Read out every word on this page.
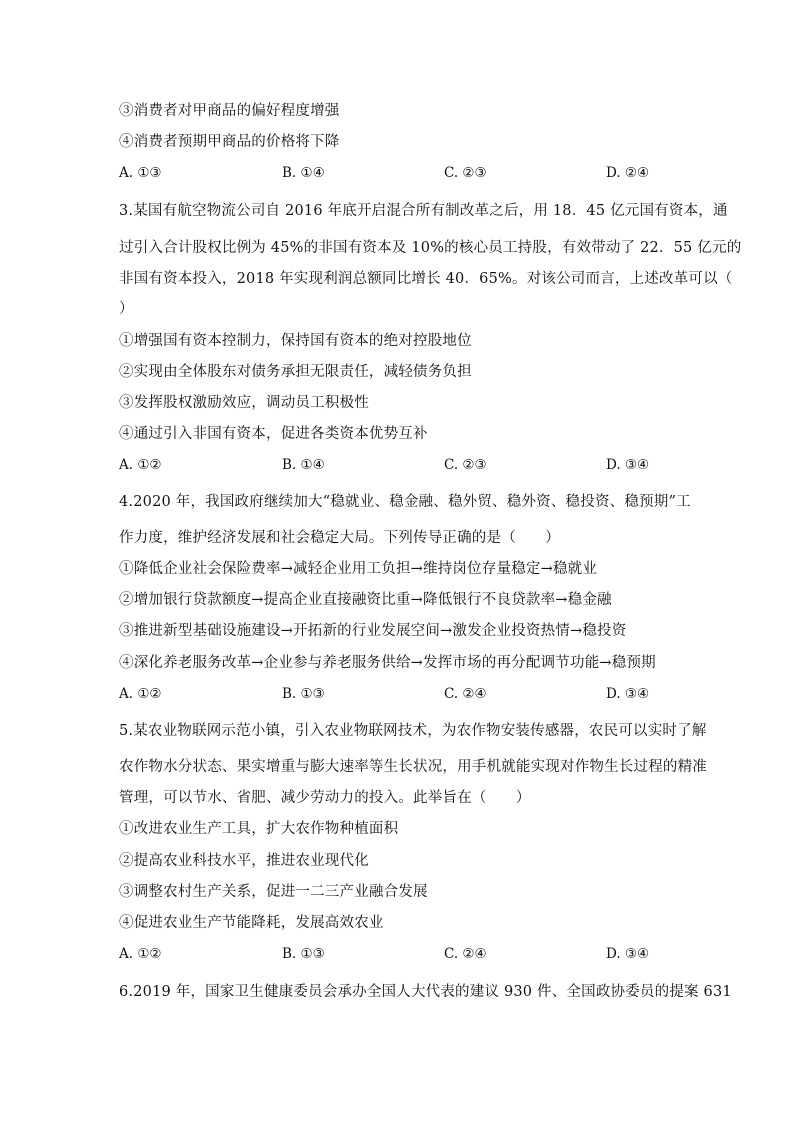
③消费者对甲商品的偏好程度增强
④消费者预期甲商品的价格将下降
A. ①③	B. ①④	C. ②③	D. ②④
3.某国有航空物流公司自 2016 年底开启混合所有制改革之后，用 18．45 亿元国有资本，通
过引入合计股权比例为 45%的非国有资本及 10%的核心员工持股，有效带动了 22．55 亿元的
非国有资本投入，2018 年实现利润总额同比增长 40．65%。对该公司而言，上述改革可以（
）
①增强国有资本控制力，保持国有资本的绝对控股地位
②实现由全体股东对债务承担无限责任，减轻债务负担
③发挥股权激励效应，调动员工积极性
④通过引入非国有资本，促进各类资本优势互补
A. ①②	B. ①④	C. ②③	D. ③④
4.2020 年，我国政府继续加大“稳就业、稳金融、稳外贸、稳外资、稳投资、稳预期”工
作力度，维护经济发展和社会稳定大局。下列传导正确的是（　　）
①降低企业社会保险费率→减轻企业用工负担→维持岗位存量稳定→稳就业
②增加银行贷款额度→提高企业直接融资比重→降低银行不良贷款率→稳金融
③推进新型基础设施建设→开拓新的行业发展空间→激发企业投资热情→稳投资
④深化养老服务改革→企业参与养老服务供给→发挥市场的再分配调节功能→稳预期
A. ①②	B. ①③	C. ②④	D. ③④
5.某农业物联网示范小镇，引入农业物联网技术，为农作物安装传感器，农民可以实时了解
农作物水分状态、果实增重与膨大速率等生长状况，用手机就能实现对作物生长过程的精准
管理，可以节水、省肥、减少劳动力的投入。此举旨在（　　）
①改进农业生产工具，扩大农作物种植面积
②提高农业科技水平，推进农业现代化
③调整农村生产关系，促进一二三产业融合发展
④促进农业生产节能降耗，发展高效农业
A. ①②	B. ①③	C. ②④	D. ③④
6.2019 年，国家卫生健康委员会承办全国人大代表的建议 930 件、全国政协委员的提案 631
